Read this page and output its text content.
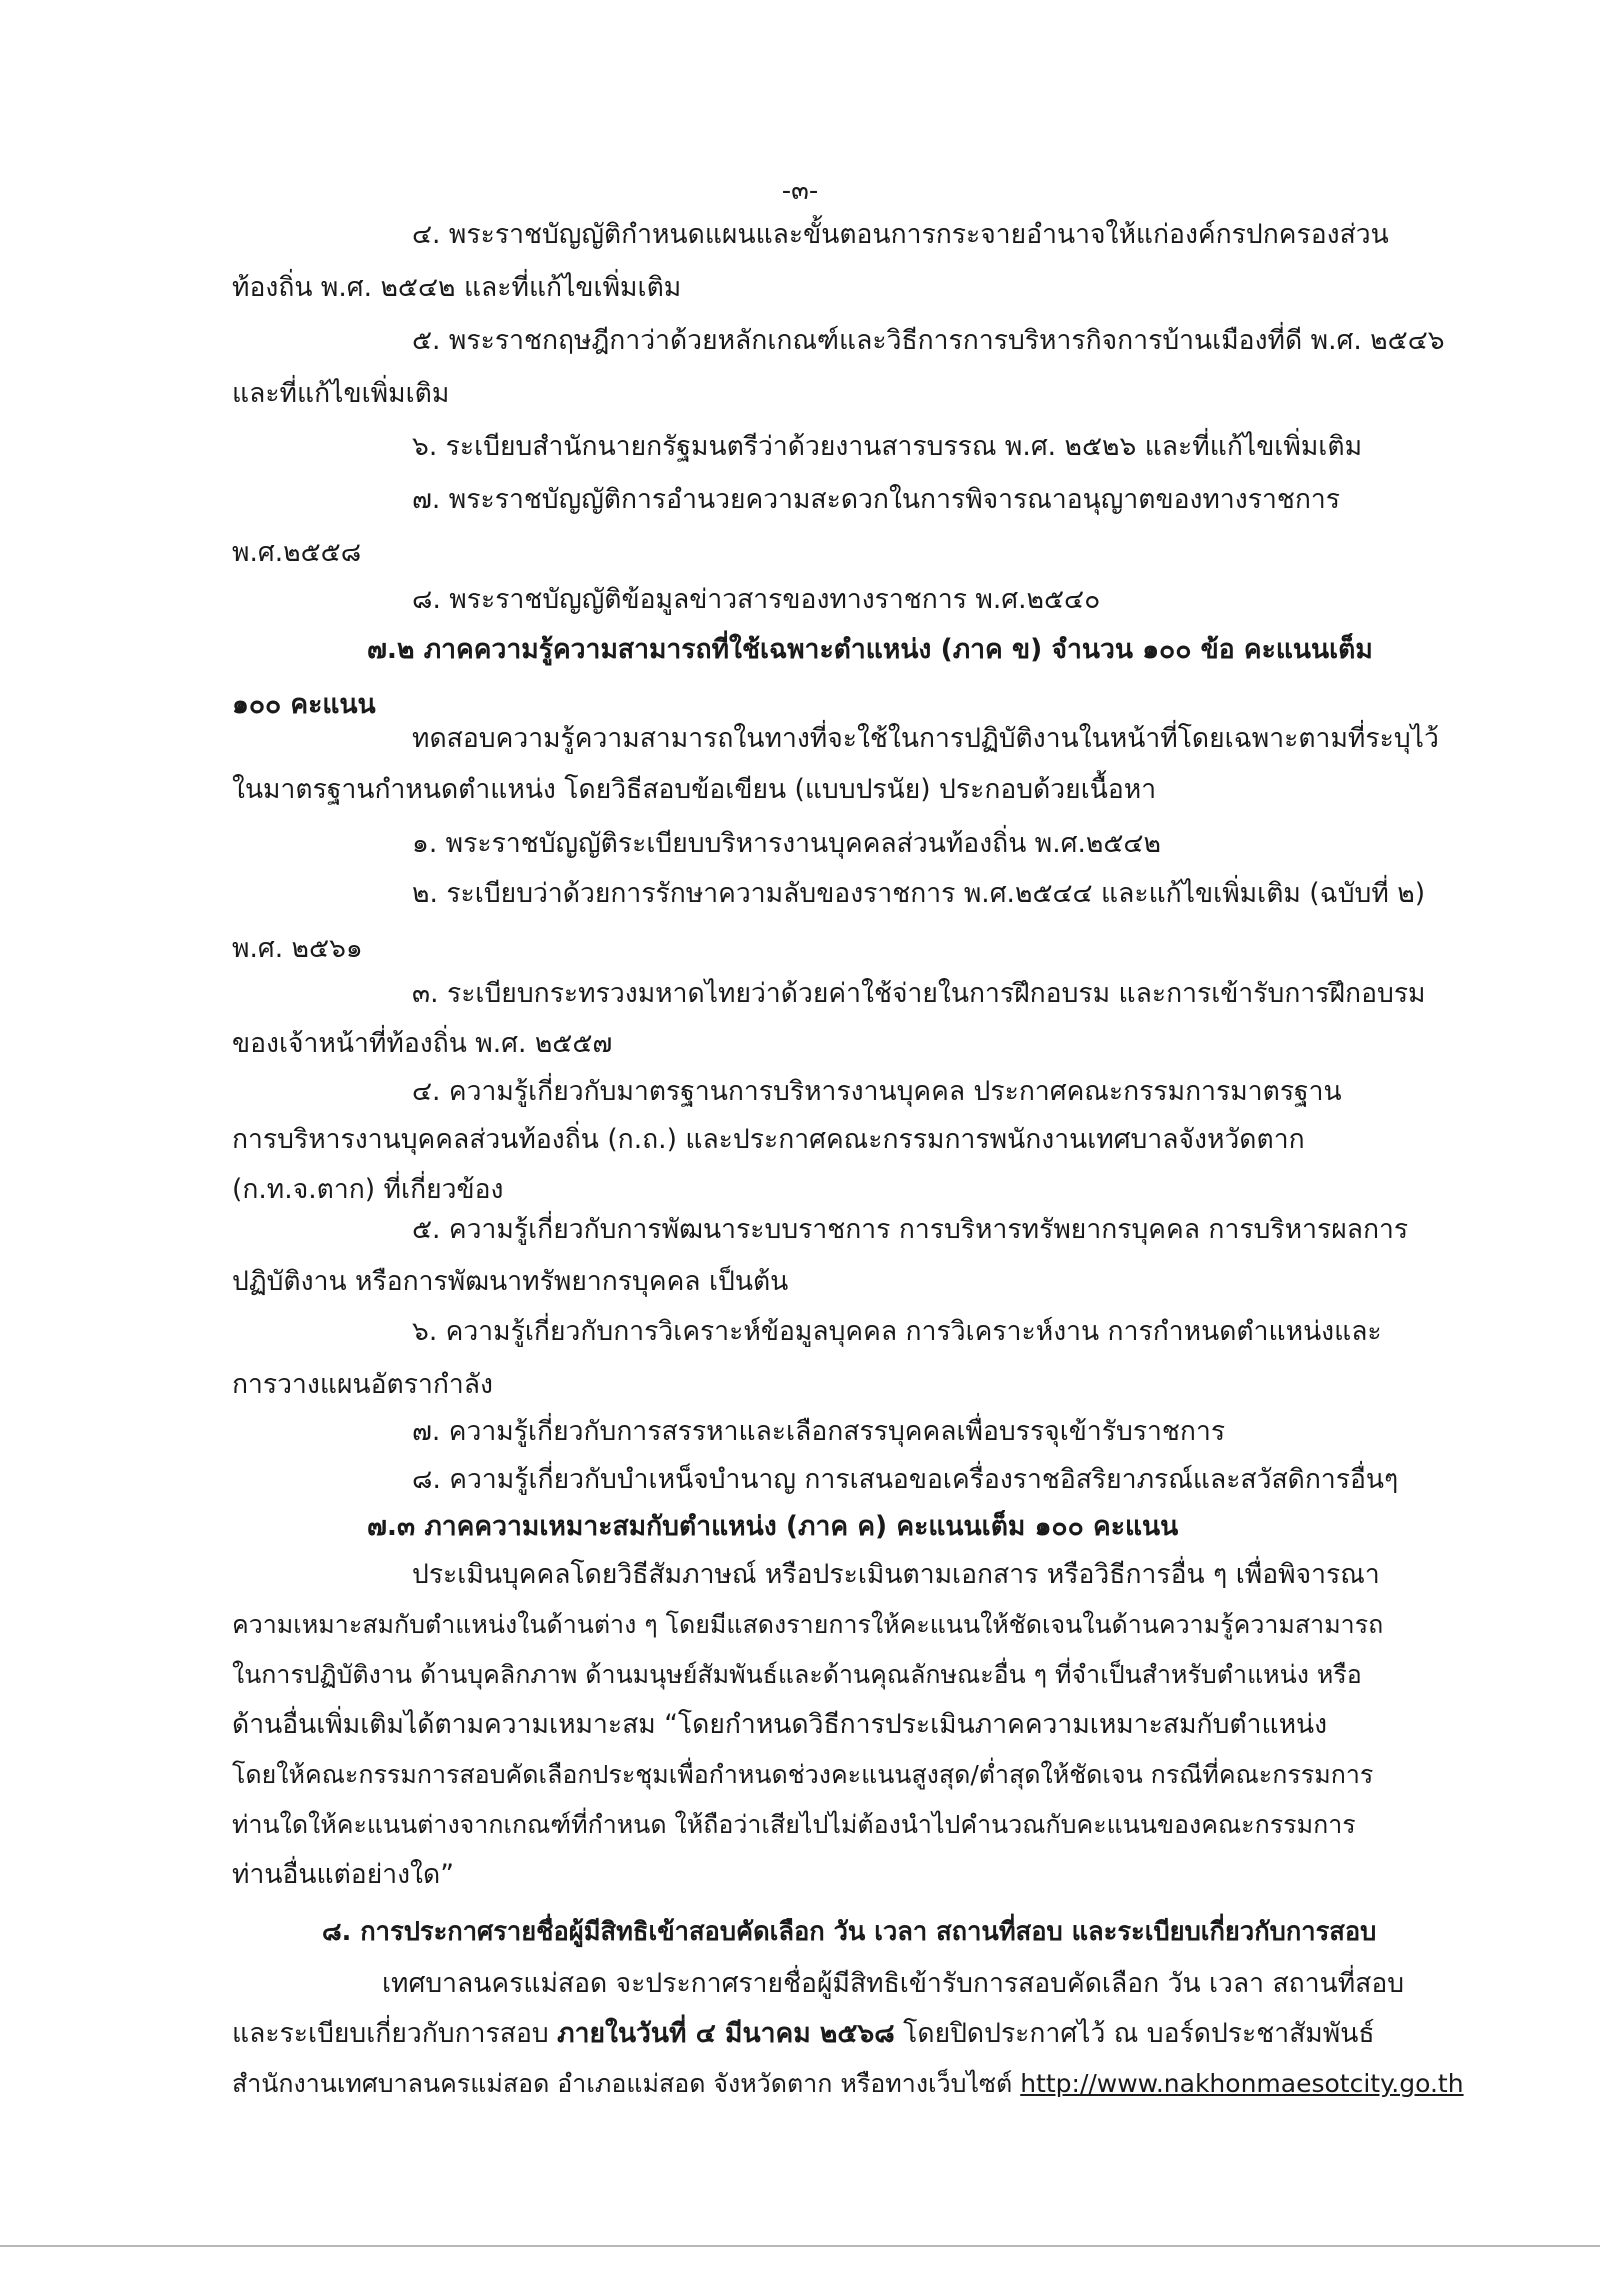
-๓-
๔. พระราชบัญญัติกำหนดแผนและขั้นตอนการกระจายอำนาจให้แก่องค์กรปกครองส่วน
ท้องถิ่น พ.ศ. ๒๕๔๒ และที่แก้ไขเพิ่มเติม
๕. พระราชกฤษฎีกาว่าด้วยหลักเกณฑ์และวิธีการการบริหารกิจการบ้านเมืองที่ดี พ.ศ. ๒๕๔๖
และที่แก้ไขเพิ่มเติม
๖. ระเบียบสำนักนายกรัฐมนตรีว่าด้วยงานสารบรรณ พ.ศ. ๒๕๒๖ และที่แก้ไขเพิ่มเติม
๗. พระราชบัญญัติการอำนวยความสะดวกในการพิจารณาอนุญาตของทางราชการ
พ.ศ.๒๕๕๘
๘. พระราชบัญญัติข้อมูลข่าวสารของทางราชการ พ.ศ.๒๕๔๐
๗.๒ ภาคความรู้ความสามารถที่ใช้เฉพาะตำแหน่ง (ภาค ข) จำนวน ๑๐๐ ข้อ คะแนนเต็ม
๑๐๐ คะแนน
ทดสอบความรู้ความสามารถในทางที่จะใช้ในการปฏิบัติงานในหน้าที่โดยเฉพาะตามที่ระบุไว้
ในมาตรฐานกำหนดตำแหน่ง โดยวิธีสอบข้อเขียน (แบบปรนัย) ประกอบด้วยเนื้อหา
๑. พระราชบัญญัติระเบียบบริหารงานบุคคลส่วนท้องถิ่น พ.ศ.๒๕๔๒
๒. ระเบียบว่าด้วยการรักษาความลับของราชการ พ.ศ.๒๕๔๔ และแก้ไขเพิ่มเติม (ฉบับที่ ๒)
พ.ศ. ๒๕๖๑
๓. ระเบียบกระทรวงมหาดไทยว่าด้วยค่าใช้จ่ายในการฝึกอบรม และการเข้ารับการฝึกอบรม
ของเจ้าหน้าที่ท้องถิ่น พ.ศ. ๒๕๕๗
๔. ความรู้เกี่ยวกับมาตรฐานการบริหารงานบุคคล ประกาศคณะกรรมการมาตรฐาน
การบริหารงานบุคคลส่วนท้องถิ่น (ก.ถ.) และประกาศคณะกรรมการพนักงานเทศบาลจังหวัดตาก
(ก.ท.จ.ตาก) ที่เกี่ยวข้อง
๕. ความรู้เกี่ยวกับการพัฒนาระบบราชการ การบริหารทรัพยากรบุคคล การบริหารผลการ
ปฏิบัติงาน หรือการพัฒนาทรัพยากรบุคคล เป็นต้น
๖. ความรู้เกี่ยวกับการวิเคราะห์ข้อมูลบุคคล การวิเคราะห์งาน การกำหนดตำแหน่งและ
การวางแผนอัตรากำลัง
๗. ความรู้เกี่ยวกับการสรรหาและเลือกสรรบุคคลเพื่อบรรจุเข้ารับราชการ
๘. ความรู้เกี่ยวกับบำเหน็จบำนาญ การเสนอขอเครื่องราชอิสริยาภรณ์และสวัสดิการอื่นๆ
๗.๓ ภาคความเหมาะสมกับตำแหน่ง (ภาค ค) คะแนนเต็ม ๑๐๐ คะแนน
ประเมินบุคคลโดยวิธีสัมภาษณ์ หรือประเมินตามเอกสาร หรือวิธีการอื่น ๆ เพื่อพิจารณา
ความเหมาะสมกับตำแหน่งในด้านต่าง ๆ โดยมีแสดงรายการให้คะแนนให้ชัดเจนในด้านความรู้ความสามารถ
ในการปฏิบัติงาน ด้านบุคลิกภาพ ด้านมนุษย์สัมพันธ์และด้านคุณลักษณะอื่น ๆ ที่จำเป็นสำหรับตำแหน่ง หรือ
ด้านอื่นเพิ่มเติมได้ตามความเหมาะสม “โดยกำหนดวิธีการประเมินภาคความเหมาะสมกับตำแหน่ง
โดยให้คณะกรรมการสอบคัดเลือกประชุมเพื่อกำหนดช่วงคะแนนสูงสุด/ต่ำสุดให้ชัดเจน กรณีที่คณะกรรมการ
ท่านใดให้คะแนนต่างจากเกณฑ์ที่กำหนด ให้ถือว่าเสียไปไม่ต้องนำไปคำนวณกับคะแนนของคณะกรรมการ
ท่านอื่นแต่อย่างใด”
๘. การประกาศรายชื่อผู้มีสิทธิเข้าสอบคัดเลือก วัน เวลา สถานที่สอบ และระเบียบเกี่ยวกับการสอบ
เทศบาลนครแม่สอด จะประกาศรายชื่อผู้มีสิทธิเข้ารับการสอบคัดเลือก วัน เวลา สถานที่สอบ
และระเบียบเกี่ยวกับการสอบ ภายในวันที่ ๔ มีนาคม ๒๕๖๘ โดยปิดประกาศไว้ ณ บอร์ดประชาสัมพันธ์
สำนักงานเทศบาลนครแม่สอด อำเภอแม่สอด จังหวัดตาก หรือทางเว็บไซต์ http://www.nakhonmaesotcity.go.th
